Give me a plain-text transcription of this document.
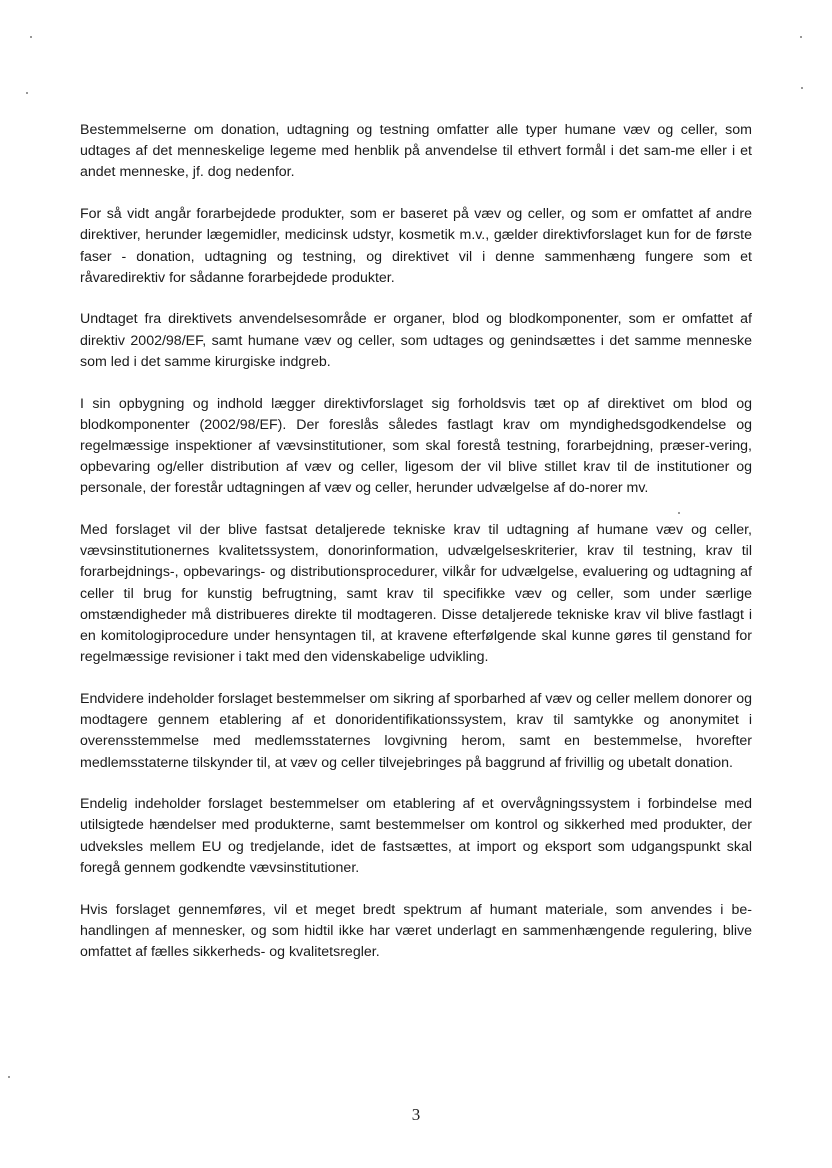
Bestemmelserne om donation, udtagning og testning omfatter alle typer humane væv og celler, som udtages af det menneskelige legeme med henblik på anvendelse til ethvert formål i det sam-me eller i et andet menneske, jf. dog nedenfor.

For så vidt angår forarbejdede produkter, som er baseret på væv og celler, og som er omfattet af andre direktiver, herunder lægemidler, medicinsk udstyr, kosmetik m.v., gælder direktivforslaget kun for de første faser - donation, udtagning og testning, og direktivet vil i denne sammenhæng fungere som et råvaredirektiv for sådanne forarbejdede produkter.

Undtaget fra direktivets anvendelsesområde er organer, blod og blodkomponenter, som er omfattet af direktiv 2002/98/EF, samt humane væv og celler, som udtages og genindsættes i det samme menneske som led i det samme kirurgiske indgreb.

I sin opbygning og indhold lægger direktivforslaget sig forholdsvis tæt op af direktivet om blod og blodkomponenter (2002/98/EF). Der foreslås således fastlagt krav om myndighedsgodkendelse og regelmæssige inspektioner af vævsinstitutioner, som skal forestå testning, forarbejdning, præser-vering, opbevaring og/eller distribution af væv og celler, ligesom der vil blive stillet krav til de institutioner og personale, der forestår udtagningen af væv og celler, herunder udvælgelse af do-norer mv.

Med forslaget vil der blive fastsat detaljerede tekniske krav til udtagning af humane væv og celler, vævsinstitutionernes kvalitetssystem, donorinformation, udvælgelseskriterier, krav til testning, krav til forarbejdnings-, opbevarings- og distributionsprocedurer, vilkår for udvælgelse, evaluering og udtagning af celler til brug for kunstig befrugtning, samt krav til specifikke væv og celler, som under særlige omstændigheder må distribueres direkte til modtageren. Disse detaljerede tekniske krav vil blive fastlagt i en komitologiprocedure under hensyntagen til, at kravene efterfølgende skal kunne gøres til genstand for regelmæssige revisioner i takt med den videnskabelige udvikling.

Endvidere indeholder forslaget bestemmelser om sikring af sporbarhed af væv og celler mellem donorer og modtagere gennem etablering af et donoridentifikationssystem, krav til samtykke og anonymitet i overensstemmelse med medlemsstaternes lovgivning herom, samt en bestemmelse, hvorefter medlemsstaterne tilskynder til, at væv og celler tilvejebringes på baggrund af frivillig og ubetalt donation.

Endelig indeholder forslaget bestemmelser om etablering af et overvågningssystem i forbindelse med utilsigtede hændelser med produkterne, samt bestemmelser om kontrol og sikkerhed med produkter, der udveksles mellem EU og tredjelande, idet de fastsættes, at import og eksport som udgangspunkt skal foregå gennem godkendte vævsinstitutioner.

Hvis forslaget gennemføres, vil et meget bredt spektrum af humant materiale, som anvendes i be-handlingen af mennesker, og som hidtil ikke har været underlagt en sammenhængende regulering, blive omfattet af fælles sikkerheds- og kvalitetsregler.

3
